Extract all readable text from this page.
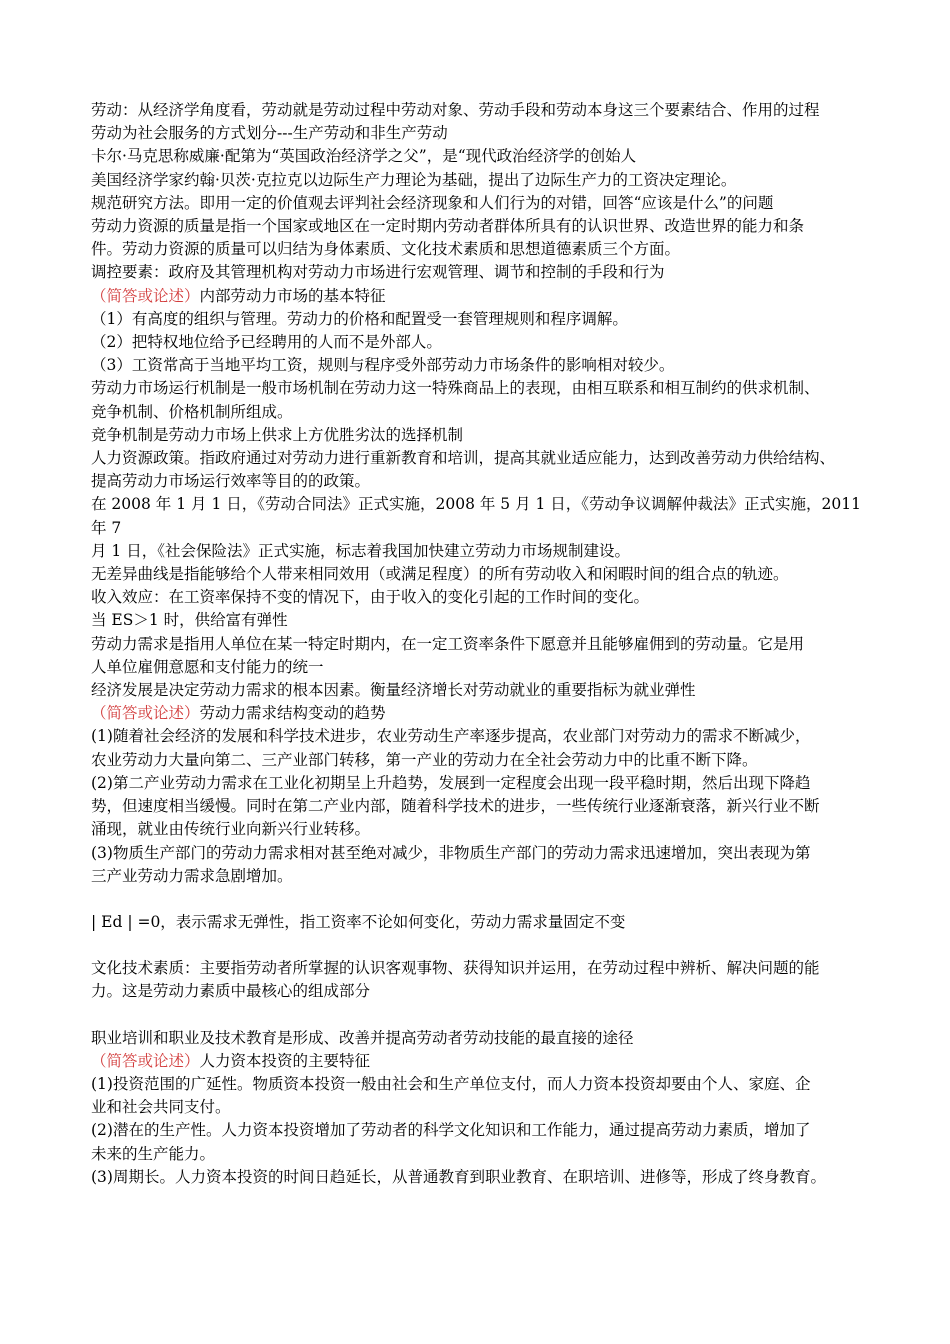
劳动：从经济学角度看，劳动就是劳动过程中劳动对象、劳动手段和劳动本身这三个要素结合、作用的过程

劳动为社会服务的方式划分---生产劳动和非生产劳动

卡尔·马克思称威廉·配第为“英国政治经济学之父”，是“现代政治经济学的创始人

美国经济学家约翰·贝茨·克拉克以边际生产力理论为基础，提出了边际生产力的工资决定理论。

规范研究方法。即用一定的价值观去评判社会经济现象和人们行为的对错，回答“应该是什么”的问题

劳动力资源的质量是指一个国家或地区在一定时期内劳动者群体所具有的认识世界、改造世界的能力和条

件。劳动力资源的质量可以归结为身体素质、文化技术素质和思想道德素质三个方面。

调控要素：政府及其管理机构对劳动力市场进行宏观管理、调节和控制的手段和行为

（简答或论述）内部劳动力市场的基本特征

（1）有高度的组织与管理。劳动力的价格和配置受一套管理规则和程序调解。

（2）把特权地位给予已经聘用的人而不是外部人。

（3）工资常高于当地平均工资，规则与程序受外部劳动力市场条件的影响相对较少。

劳动力市场运行机制是一般市场机制在劳动力这一特殊商品上的表现，由相互联系和相互制约的供求机制、

竞争机制、价格机制所组成。

竞争机制是劳动力市场上供求上方优胜劣汰的选择机制

人力资源政策。指政府通过对劳动力进行重新教育和培训，提高其就业适应能力，达到改善劳动力供给结构、

提高劳动力市场运行效率等目的的政策。

在 2008 年 1 月 1 日，《劳动合同法》正式实施，2008 年 5 月 1 日，《劳动争议调解仲裁法》正式实施，2011 年 7

月 1 日，《社会保险法》正式实施，标志着我国加快建立劳动力市场规制建设。

无差异曲线是指能够给个人带来相同效用（或满足程度）的所有劳动收入和闲暇时间的组合点的轨迹。

收入效应：在工资率保持不变的情况下，由于收入的变化引起的工作时间的变化。

当 ES＞1 时，供给富有弹性

劳动力需求是指用人单位在某一特定时期内，在一定工资率条件下愿意并且能够雇佣到的劳动量。它是用

人单位雇佣意愿和支付能力的统一

经济发展是决定劳动力需求的根本因素。衡量经济增长对劳动就业的重要指标为就业弹性

（简答或论述）劳动力需求结构变动的趋势

(1)随着社会经济的发展和科学技术进步，农业劳动生产率逐步提高，农业部门对劳动力的需求不断减少，

农业劳动力大量向第二、三产业部门转移，第一产业的劳动力在全社会劳动力中的比重不断下降。

(2)第二产业劳动力需求在工业化初期呈上升趋势，发展到一定程度会出现一段平稳时期，然后出现下降趋

势，但速度相当缓慢。同时在第二产业内部，随着科学技术的进步，一些传统行业逐渐衰落，新兴行业不断

涌现，就业由传统行业向新兴行业转移。

(3)物质生产部门的劳动力需求相对甚至绝对减少，非物质生产部门的劳动力需求迅速增加，突出表现为第

三产业劳动力需求急剧增加。

| Ed | =0，表示需求无弹性，指工资率不论如何变化，劳动力需求量固定不变

文化技术素质：主要指劳动者所掌握的认识客观事物、获得知识并运用，在劳动过程中辨析、解决问题的能

力。这是劳动力素质中最核心的组成部分

职业培训和职业及技术教育是形成、改善并提高劳动者劳动技能的最直接的途径

（简答或论述）人力资本投资的主要特征

(1)投资范围的广延性。物质资本投资一般由社会和生产单位支付，而人力资本投资却要由个人、家庭、企

业和社会共同支付。

(2)潜在的生产性。人力资本投资增加了劳动者的科学文化知识和工作能力，通过提高劳动力素质，增加了

未来的生产能力。

(3)周期长。人力资本投资的时间日趋延长，从普通教育到职业教育、在职培训、进修等，形成了终身教育。
